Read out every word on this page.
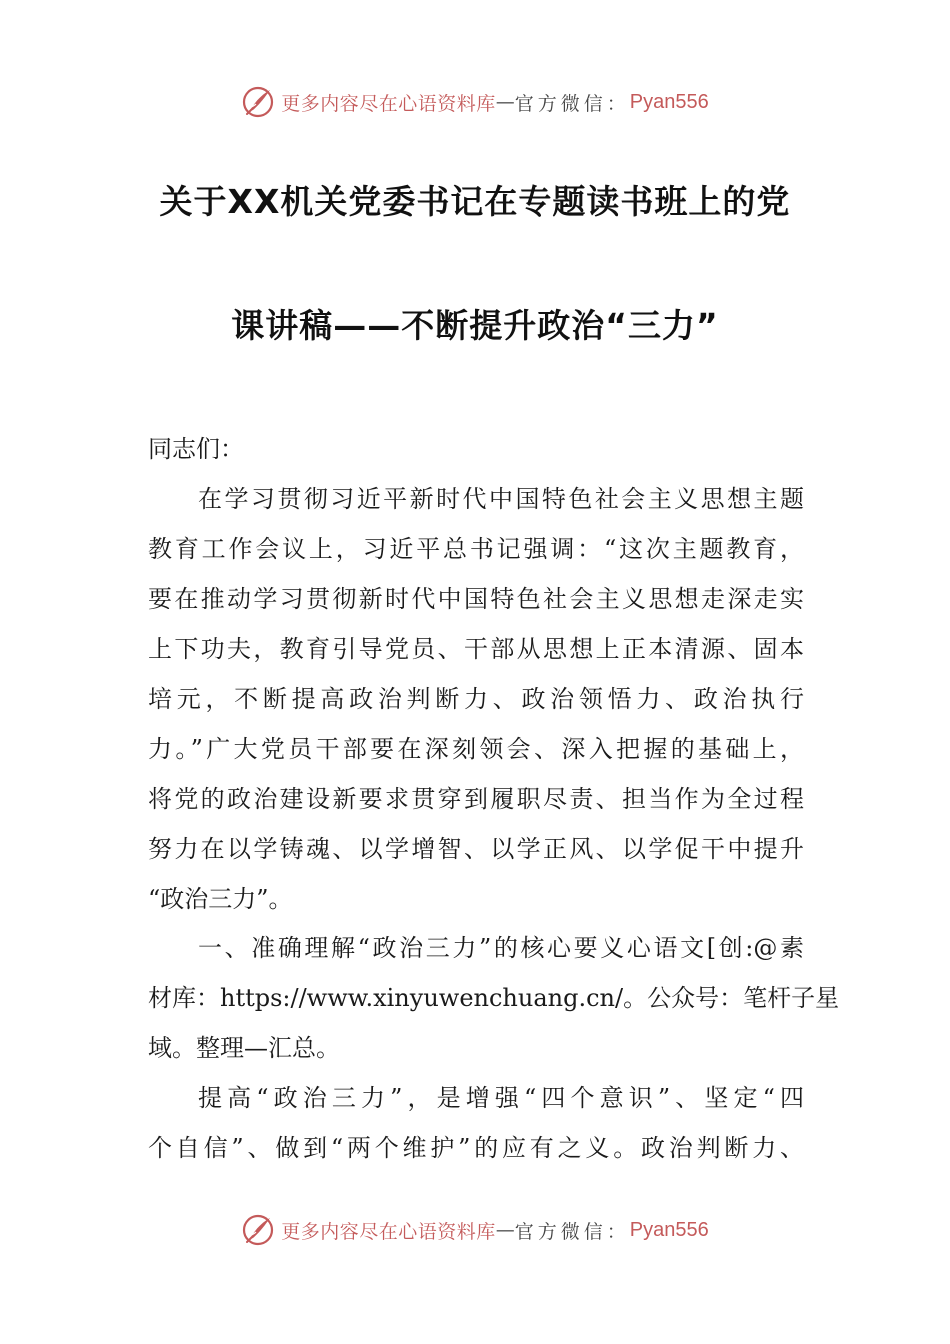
更多内容尽在心语资料库 — 官方微信： Pyan556
关于XX机关党委书记在专题读书班上的党
课讲稿——不断提升政治“三力”
同志们：
在学习贯彻习近平新时代中国特色社会主义思想主题
教育工作会议上，习近平总书记强调：“这次主题教育，
要在推动学习贯彻新时代中国特色社会主义思想走深走实
上下功夫，教育引导党员、干部从思想上正本清源、固本
培元，不断提高政治判断力、政治领悟力、政治执行
力。”广大党员干部要在深刻领会、深入把握的基础上，
将党的政治建设新要求贯穿到履职尽责、担当作为全过程
努力在以学铸魂、以学增智、以学正风、以学促干中提升
“政治三力”。
一、准确理解“政治三力”的核心要义心语文[创:@素
材库：https://www.xinyuwenchuang.cn/。公众号：笔杆子星
域。整理—汇总。
提高“政治三力”，是增强“四个意识”、坚定“四
个自信”、做到“两个维护”的应有之义。政治判断力、
更多内容尽在心语资料库 — 官方微信： Pyan556
